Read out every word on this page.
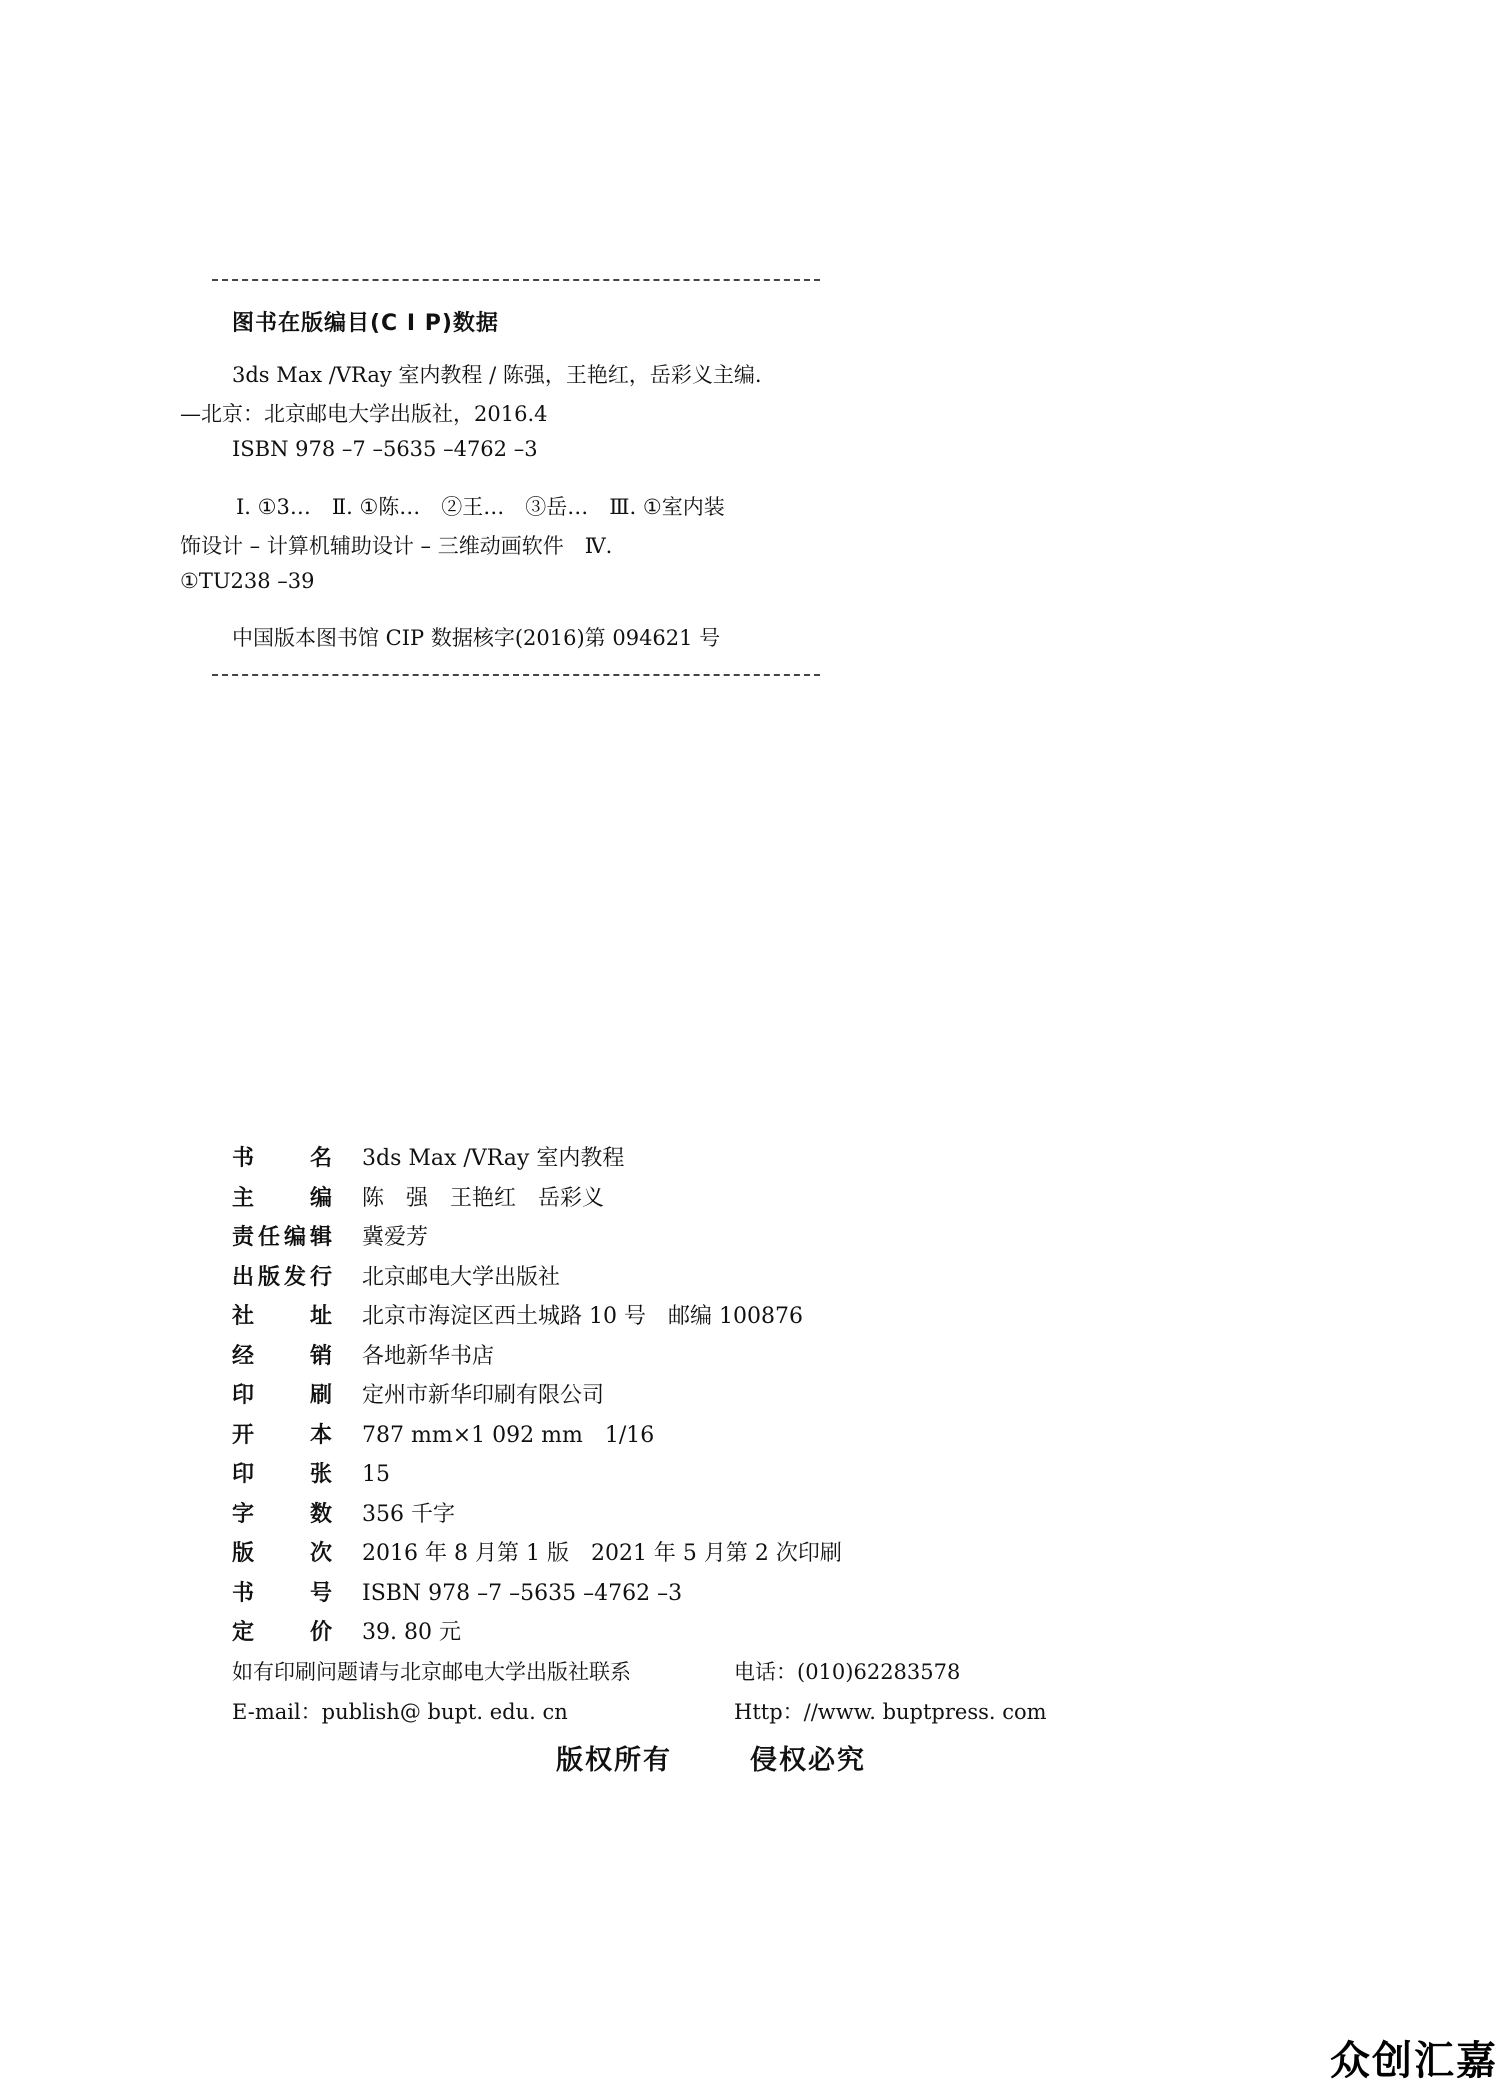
图书在版编目(C I P)数据
3ds Max /VRay 室内教程 / 陈强，王艳红，岳彩义主编.
—北京：北京邮电大学出版社，2016.4
ISBN 978 –7 –5635 –4762 –3
Ⅰ. ①3…　Ⅱ. ①陈…　②王…　③岳…　Ⅲ. ①室内装
饰设计 – 计算机辅助设计 – 三维动画软件　Ⅳ.
①TU238 –39
中国版本图书馆 CIP 数据核字(2016)第 094621 号
书名 3ds Max /VRay 室内教程
主编 陈　强　王艳红　岳彩义
责任编辑 冀爱芳
出版发行 北京邮电大学出版社
社址 北京市海淀区西土城路 10 号　邮编 100876
经销 各地新华书店
印刷 定州市新华印刷有限公司
开本 787 mm×1 092 mm　1/16
印张 15
字数 356 千字
版次 2016 年 8 月第 1 版　2021 年 5 月第 2 次印刷
书号 ISBN 978 –7 –5635 –4762 –3
定价 39. 80 元
如有印刷问题请与北京邮电大学出版社联系	电话：(010)62283578
E-mail：publish@ bupt. edu. cn	Http：//www. buptpress. com
版权所有	侵权必究
众创汇嘉
